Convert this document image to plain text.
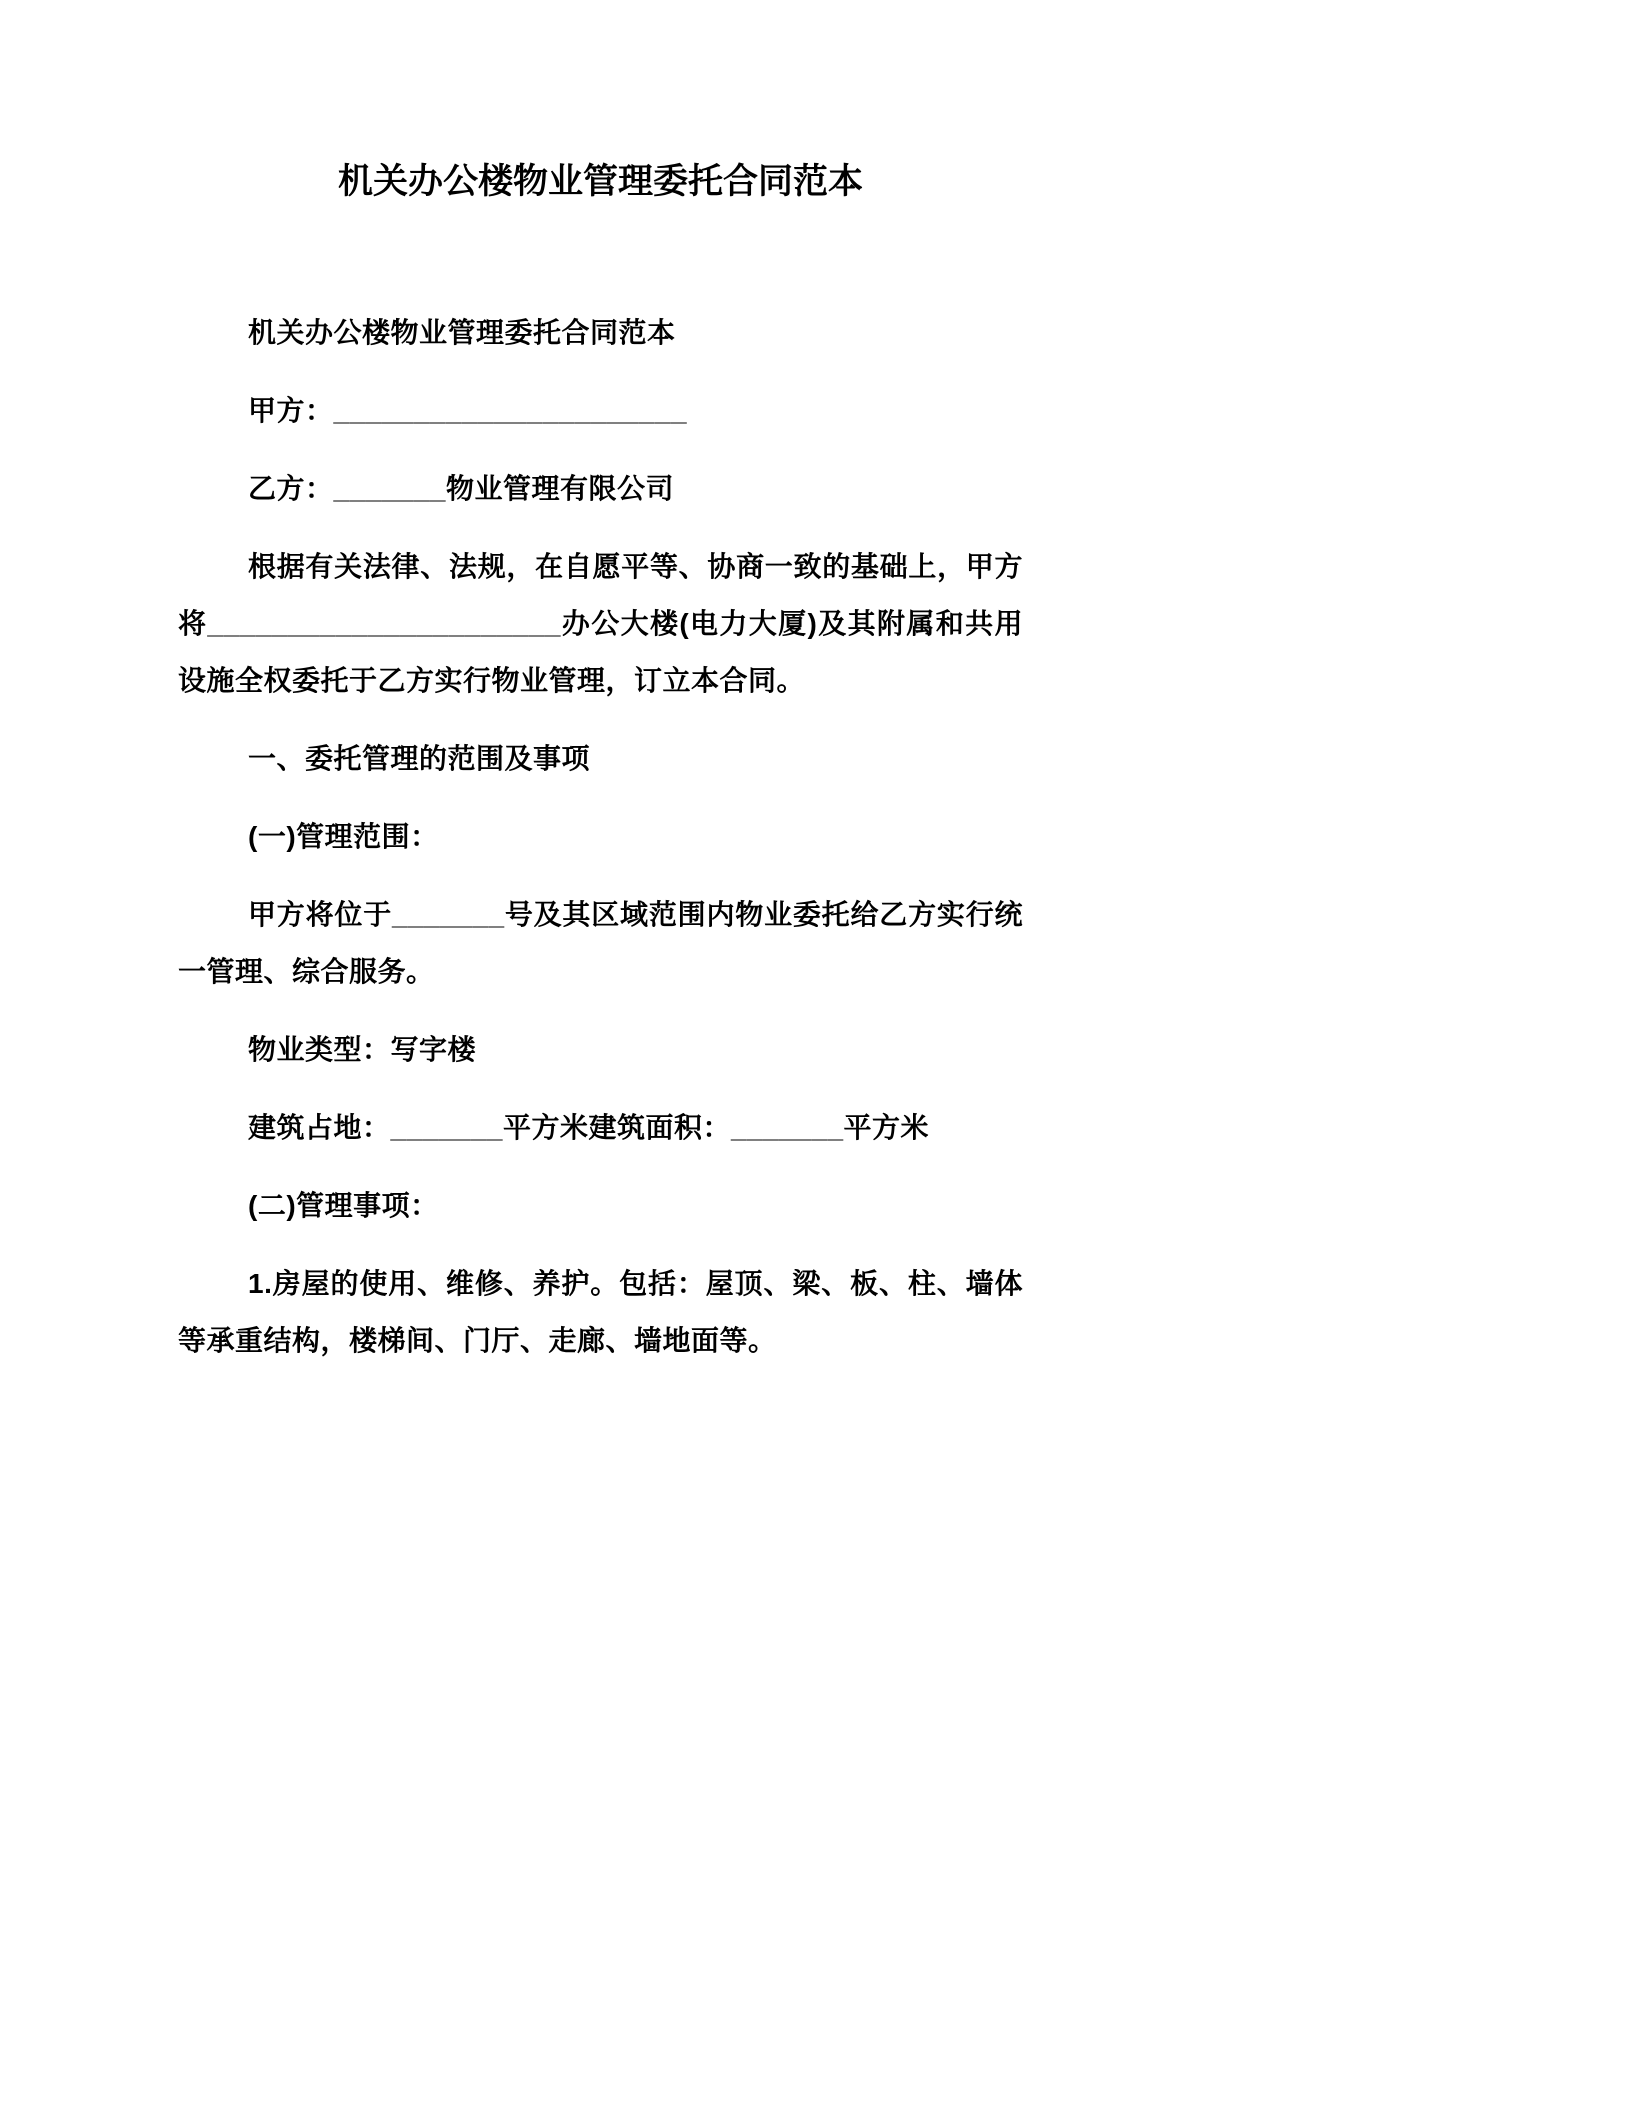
机关办公楼物业管理委托合同范本

机关办公楼物业管理委托合同范本

甲方：______________________

乙方：_______物业管理有限公司

根据有关法律、法规，在自愿平等、协商一致的基础上，甲方将______________________办公大楼(电力大厦)及其附属和共用设施全权委托于乙方实行物业管理，订立本合同。

一、委托管理的范围及事项

(一)管理范围：

甲方将位于_______号及其区域范围内物业委托给乙方实行统一管理、综合服务。

物业类型：写字楼

建筑占地：_______平方米建筑面积：_______平方米

(二)管理事项：

1.房屋的使用、维修、养护。包括：屋顶、梁、板、柱、墙体等承重结构，楼梯间、门厅、走廊、墙地面等。
